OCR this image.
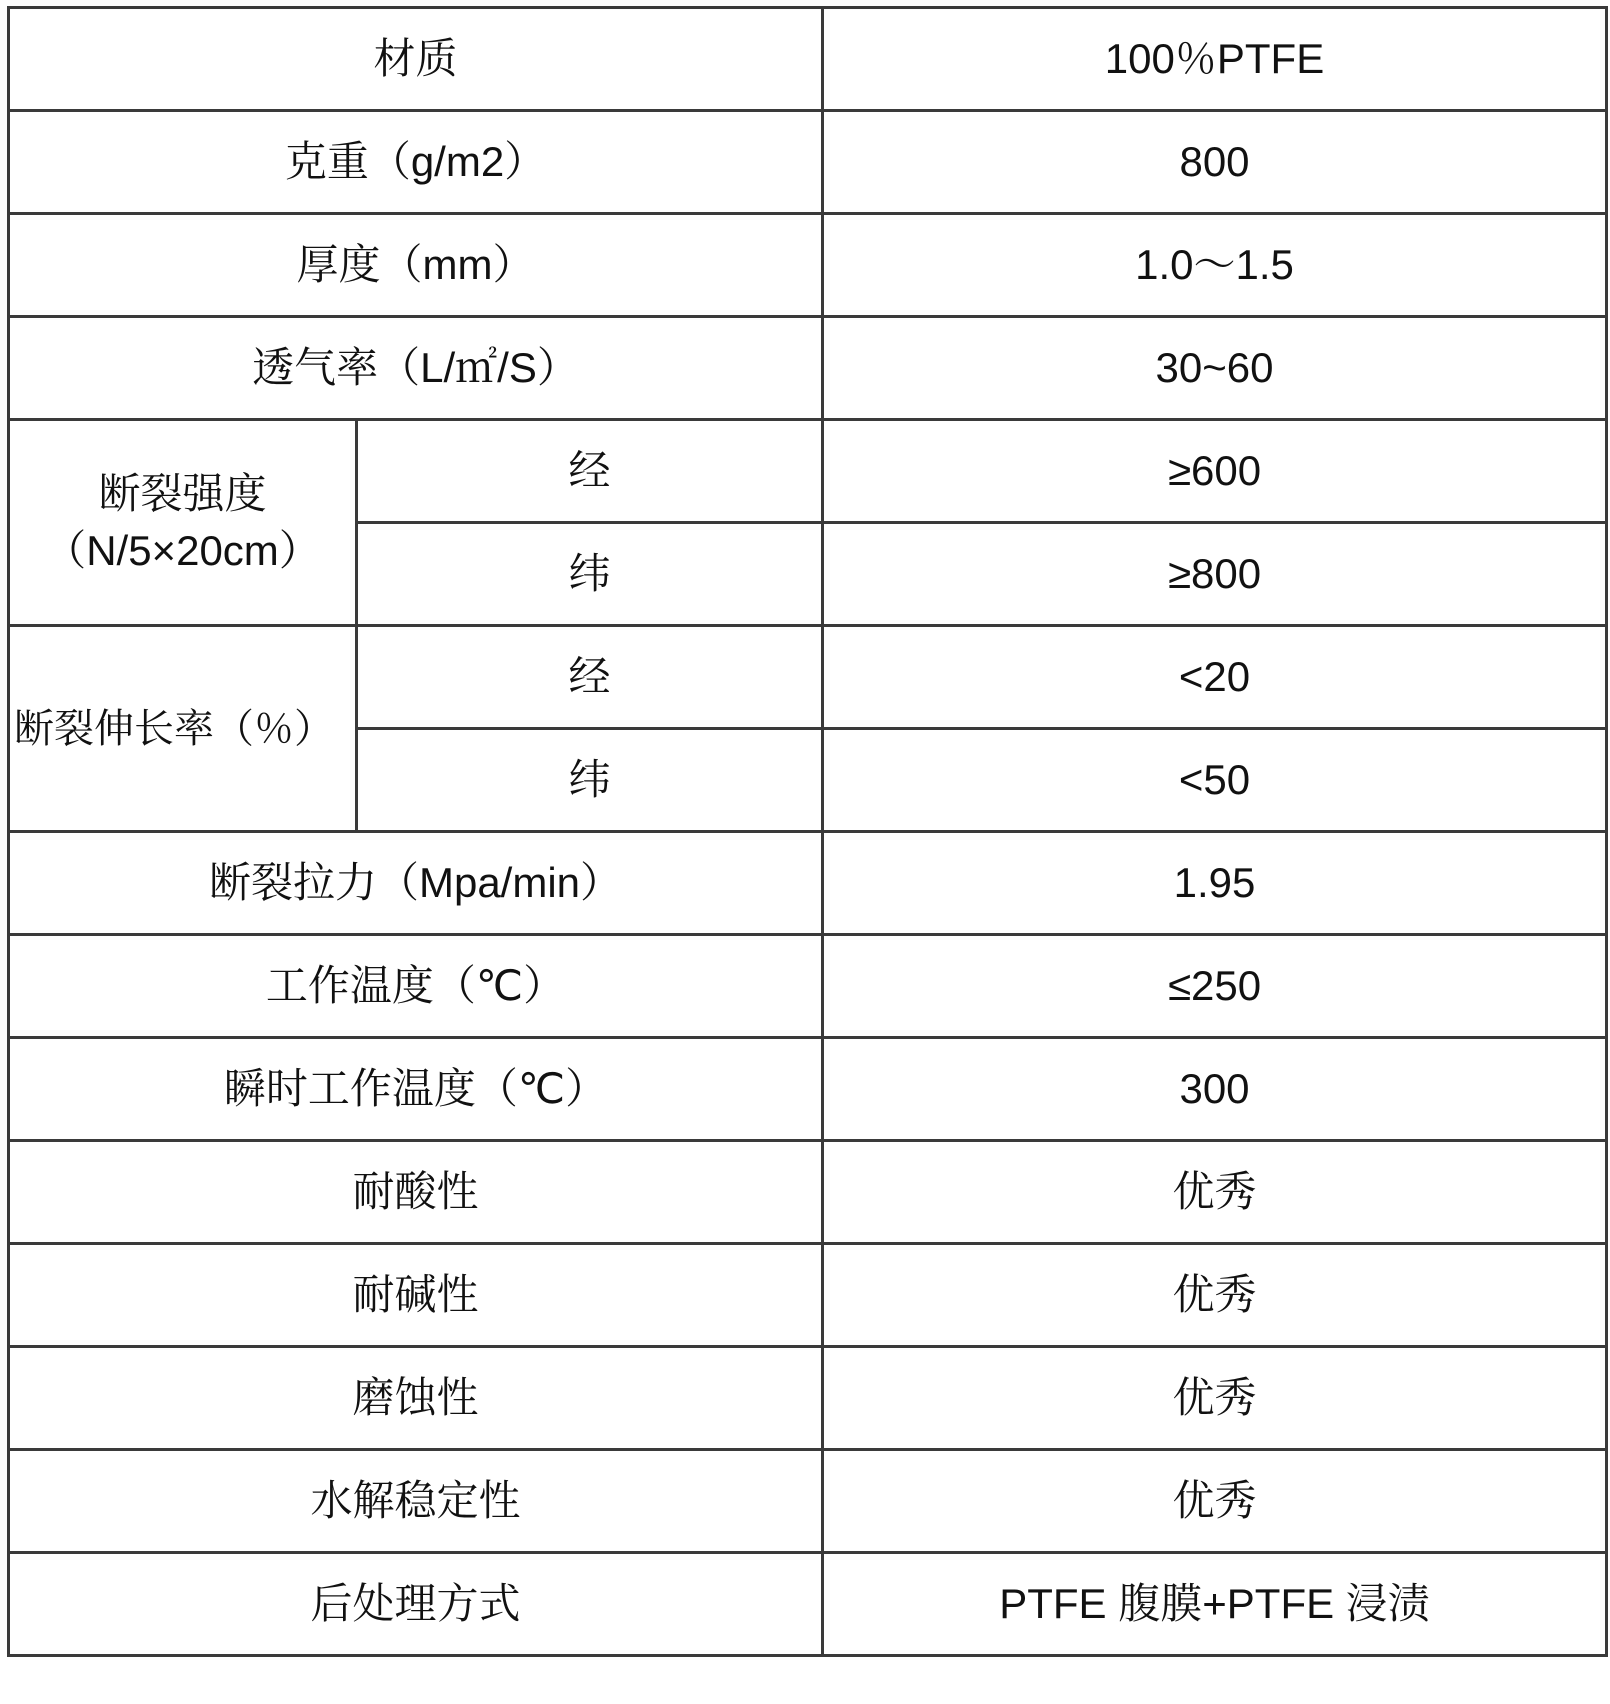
材质		100％PTFE
克重（g/m2）		800
厚度（mm）		1.0～1.5
透气率（L/㎡/S）		30~60

断裂强度
（N/5×20cm）	经	≥600
	纬	≥800
断裂伸长率（％）	经	<20
	纬	<50
断裂拉力（Mpa/min）		1.95
工作温度（℃）		≤250
瞬时工作温度（℃）		300
耐酸性		优秀
耐碱性		优秀
磨蚀性		优秀
水解稳定性		优秀
后处理方式		PTFE 腹膜+PTFE 浸渍
